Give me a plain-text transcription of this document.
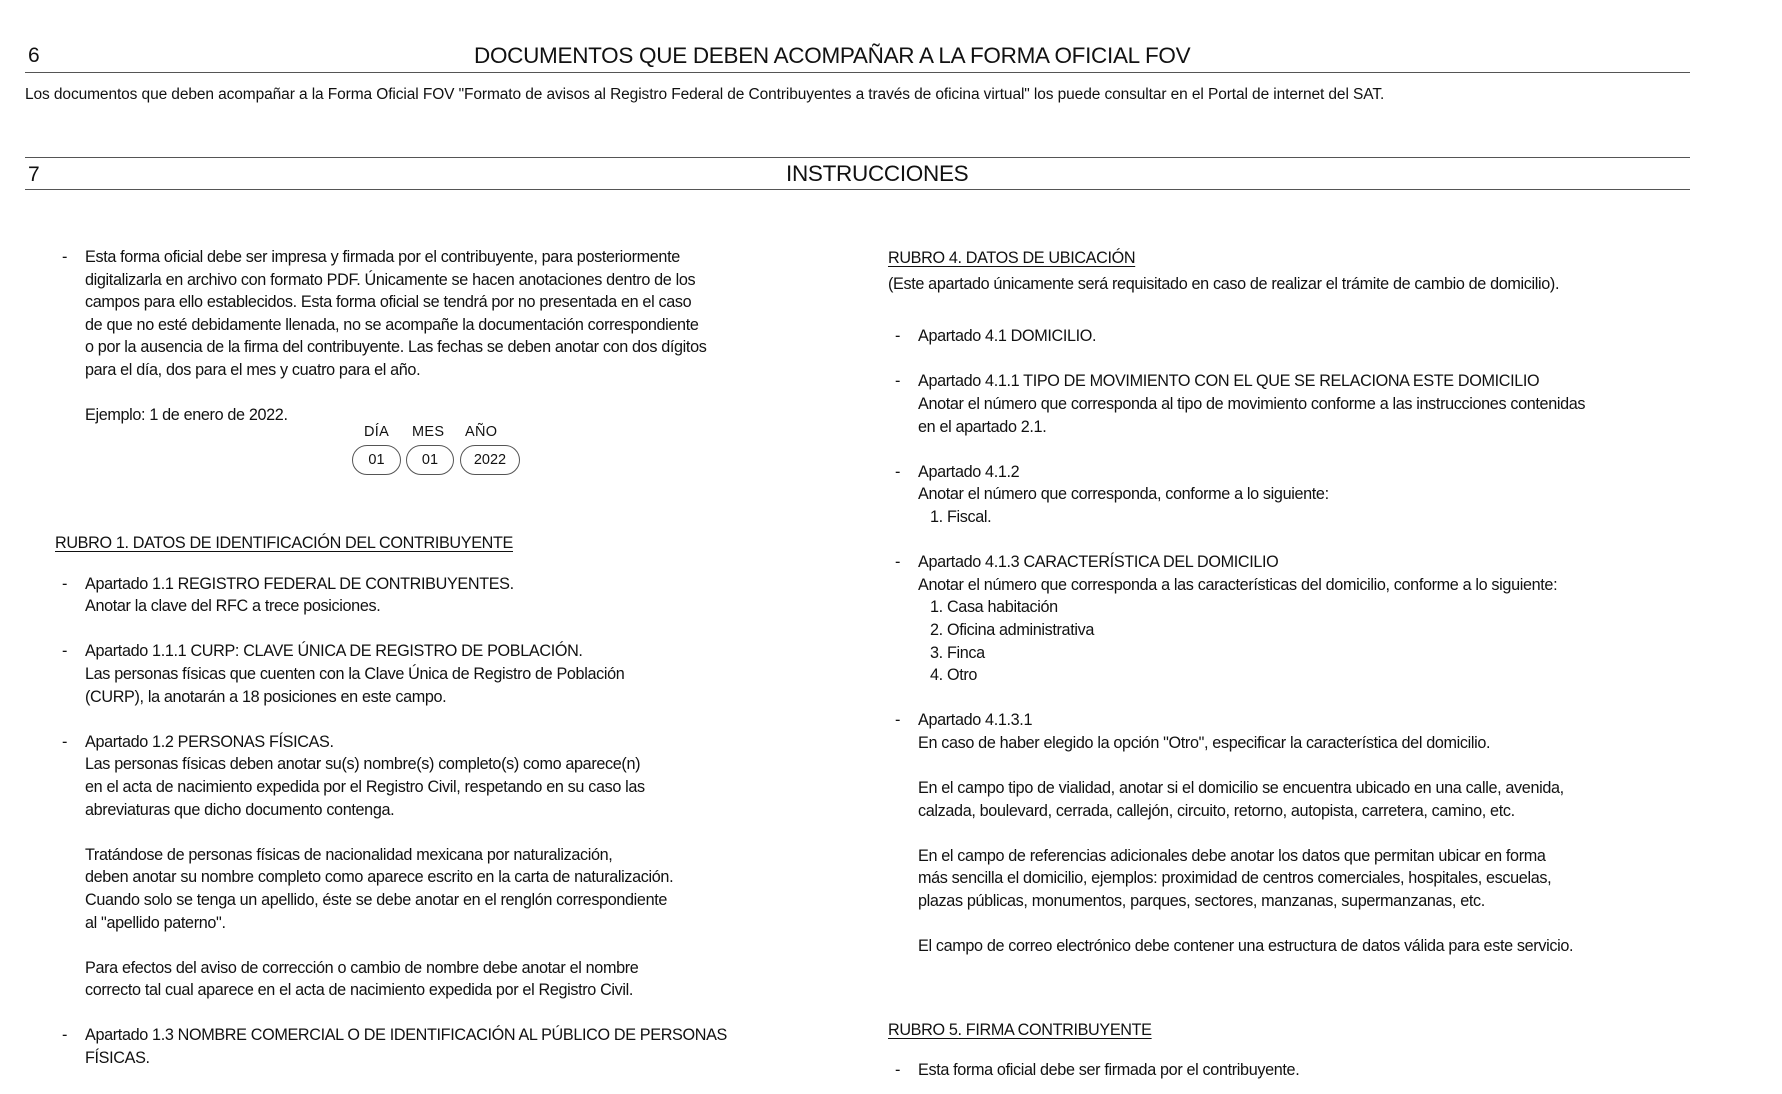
6	DOCUMENTOS QUE DEBEN ACOMPAÑAR A LA FORMA OFICIAL FOV
Los documentos que deben acompañar a la Forma Oficial FOV "Formato de avisos al Registro Federal de Contribuyentes a través de oficina virtual" los puede consultar en el Portal de internet del SAT.
7	INSTRUCCIONES
- Esta forma oficial debe ser impresa y firmada por el contribuyente, para posteriormente

digitalizarla en archivo con formato PDF. Únicamente se hacen anotaciones dentro de los

campos para ello establecidos. Esta forma oficial se tendrá por no presentada en el caso

de que no esté debidamente llenada, no se acompañe la documentación correspondiente

o por la ausencia de la firma del contribuyente. Las fechas se deben anotar con dos dígitos

para el día, dos para el mes y cuatro para el año.

Ejemplo: 1 de enero de 2022.

DÍA MES AÑO
01	01	2022

RUBRO 1. DATOS DE IDENTIFICACIÓN DEL CONTRIBUYENTE

- Apartado 1.1 REGISTRO FEDERAL DE CONTRIBUYENTES.

Anotar la clave del RFC a trece posiciones.

- Apartado 1.1.1 CURP: CLAVE ÚNICA DE REGISTRO DE POBLACIÓN.

Las personas físicas que cuenten con la Clave Única de Registro de Población

(CURP), la anotarán a 18 posiciones en este campo.

- Apartado 1.2 PERSONAS FÍSICAS.

Las personas físicas deben anotar su(s) nombre(s) completo(s) como aparece(n)

en el acta de nacimiento expedida por el Registro Civil, respetando en su caso las

abreviaturas que dicho documento contenga.

Tratándose de personas físicas de nacionalidad mexicana por naturalización,

deben anotar su nombre completo como aparece escrito en la carta de naturalización.

Cuando solo se tenga un apellido, éste se debe anotar en el renglón correspondiente

al "apellido paterno".

Para efectos del aviso de corrección o cambio de nombre debe anotar el nombre

correcto tal cual aparece en el acta de nacimiento expedida por el Registro Civil.

- Apartado 1.3 NOMBRE COMERCIAL O DE IDENTIFICACIÓN AL PÚBLICO DE PERSONAS

FÍSICAS.

RUBRO 4. DATOS DE UBICACIÓN

(Este apartado únicamente será requisitado en caso de realizar el trámite de cambio de domicilio).

- Apartado 4.1 DOMICILIO.

- Apartado 4.1.1 TIPO DE MOVIMIENTO CON EL QUE SE RELACIONA ESTE DOMICILIO

Anotar el número que corresponda al tipo de movimiento conforme a las instrucciones contenidas

en el apartado 2.1.

- Apartado 4.1.2

Anotar el número que corresponda, conforme a lo siguiente:

1. Fiscal.

- Apartado 4.1.3 CARACTERÍSTICA DEL DOMICILIO

Anotar el número que corresponda a las características del domicilio, conforme a lo siguiente:

1. Casa habitación

2. Oficina administrativa

3. Finca

4. Otro

- Apartado 4.1.3.1

En caso de haber elegido la opción "Otro", especificar la característica del domicilio.

En el campo tipo de vialidad, anotar si el domicilio se encuentra ubicado en una calle, avenida,

calzada, boulevard, cerrada, callejón, circuito, retorno, autopista, carretera, camino, etc.

En el campo de referencias adicionales debe anotar los datos que permitan ubicar en forma

más sencilla el domicilio, ejemplos: proximidad de centros comerciales, hospitales, escuelas,

plazas públicas, monumentos, parques, sectores, manzanas, supermanzanas, etc.

El campo de correo electrónico debe contener una estructura de datos válida para este servicio.

RUBRO 5. FIRMA CONTRIBUYENTE

- Esta forma oficial debe ser firmada por el contribuyente.
